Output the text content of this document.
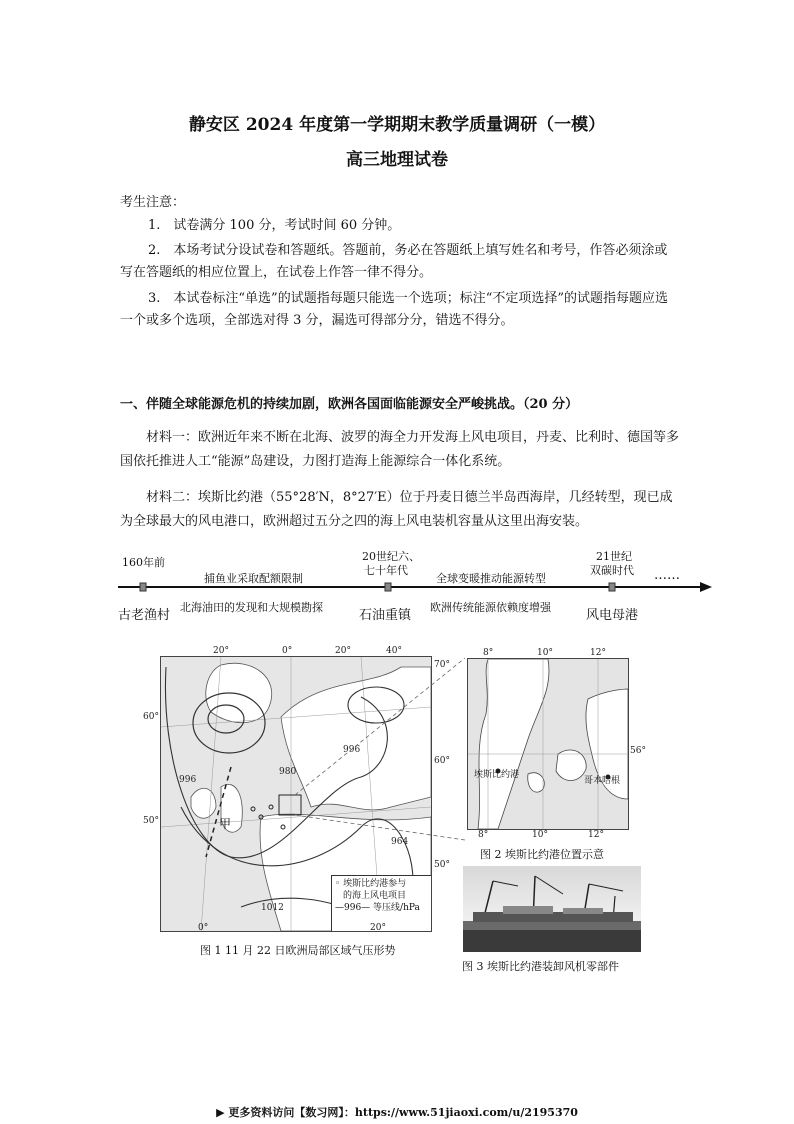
静安区 2024 年度第一学期期末教学质量调研（一模）
高三地理试卷
考生注意：
1.　试卷满分 100 分，考试时间 60 分钟。
2.　本场考试分设试卷和答题纸。答题前，务必在答题纸上填写姓名和考号，作答必须涂或写在答题纸的相应位置上，在试卷上作答一律不得分。
3.　本试卷标注“单选”的试题指每题只能选一个选项；标注“不定项选择”的试题指每题应选一个或多个选项，全部选对得 3 分，漏选可得部分分，错选不得分。
一、伴随全球能源危机的持续加剧，欧洲各国面临能源安全严峻挑战。（20 分）
材料一：欧洲近年来不断在北海、波罗的海全力开发海上风电项目，丹麦、比利时、德国等多国依托推进人工“能源”岛建设，力图打造海上能源综合一体化系统。
材料二：埃斯比约港（55°28′N，8°27′E）位于丹麦日德兰半岛西海岸，几经转型，现已成为全球最大的风电港口，欧洲超过五分之四的海上风电装机容量从这里出海安装。
160年前	20世纪六、
七十年代
21世纪
双碳时代
捕鱼业采取配额限制	全球变暖推动能源转型
北海油田的发现和大规模勘探	欧洲传统能源依赖度增强
古老渔村	石油重镇	风电母港
……
980
996
996
964
1012
甲
◦ 埃斯比约港参与
的海上风电项目
—996— 等压线/hPa
20°	0°	20°	40°
0°	20°
60°
50°
70°
60°
50°
图 1 11 月 22 日欧洲局部区域气压形势
埃斯比约港
哥本哈根
8°	10°	12°
8°	10°	12°
56°
图 2 埃斯比约港位置示意
图 3 埃斯比约港装卸风机零部件
▶ 更多资料访问【数习网】：https://www.51jiaoxi.com/u/2195370
